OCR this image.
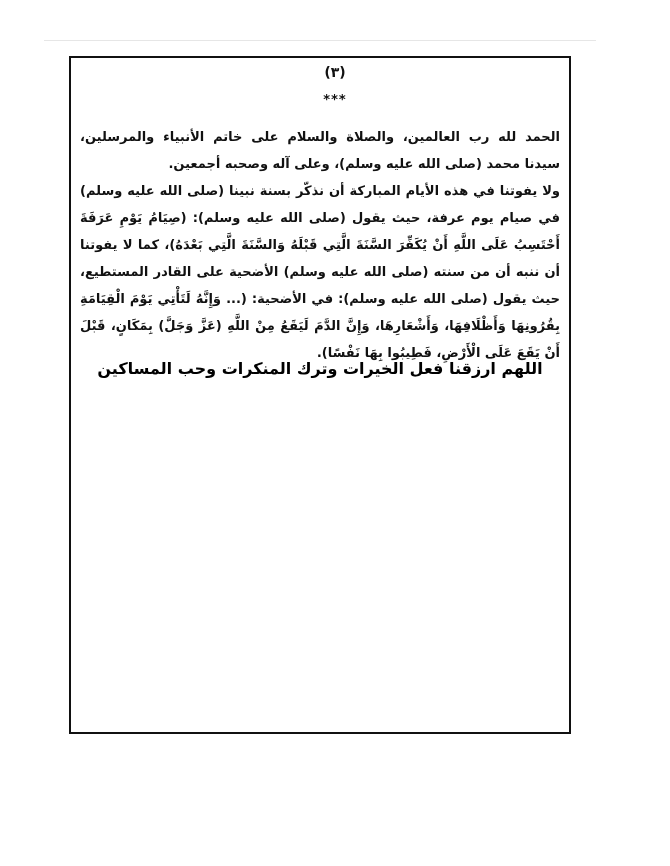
(٣)
***

الحمد لله رب العالمين، والصلاة والسلام على خاتم الأنبياء والمرسلين، سيدنا محمد (صلى الله عليه وسلم)، وعلى آله وصحبه أجمعين.

ولا يفوتنا في هذه الأيام المباركة أن نذكّر بسنة نبينا (صلى الله عليه وسلم) في صيام يوم عرفة، حيث يقول (صلى الله عليه وسلم): (صِيَامُ يَوْمِ عَرَفَةَ أَحْتَسِبُ عَلَى اللَّهِ أَنْ يُكَفِّرَ السَّنَةَ الَّتِي قَبْلَهُ وَالسَّنَةَ الَّتِي بَعْدَهُ)، كما لا يفوتنا أن ننبه أن من سنته (صلى الله عليه وسلم) الأضحية على القادر المستطيع، حيث يقول (صلى الله عليه وسلم): في الأضحية: (... وَإِنَّهُ لَتَأْتِي يَوْمَ الْقِيَامَةِ بِقُرُونِهَا وَأَظْلَافِهَا، وَأَشْعَارِهَا، وَإِنَّ الدَّمَ لَيَقَعُ مِنْ اللَّهِ (عَزَّ وَجَلَّ) بِمَكَانٍ، قَبْلَ أَنْ يَقَعَ عَلَى الْأَرْضِ، فَطِيبُوا بِهَا نَفْسًا).

اللهم ارزقنا فعل الخيرات وترك المنكرات وحب المساكين
